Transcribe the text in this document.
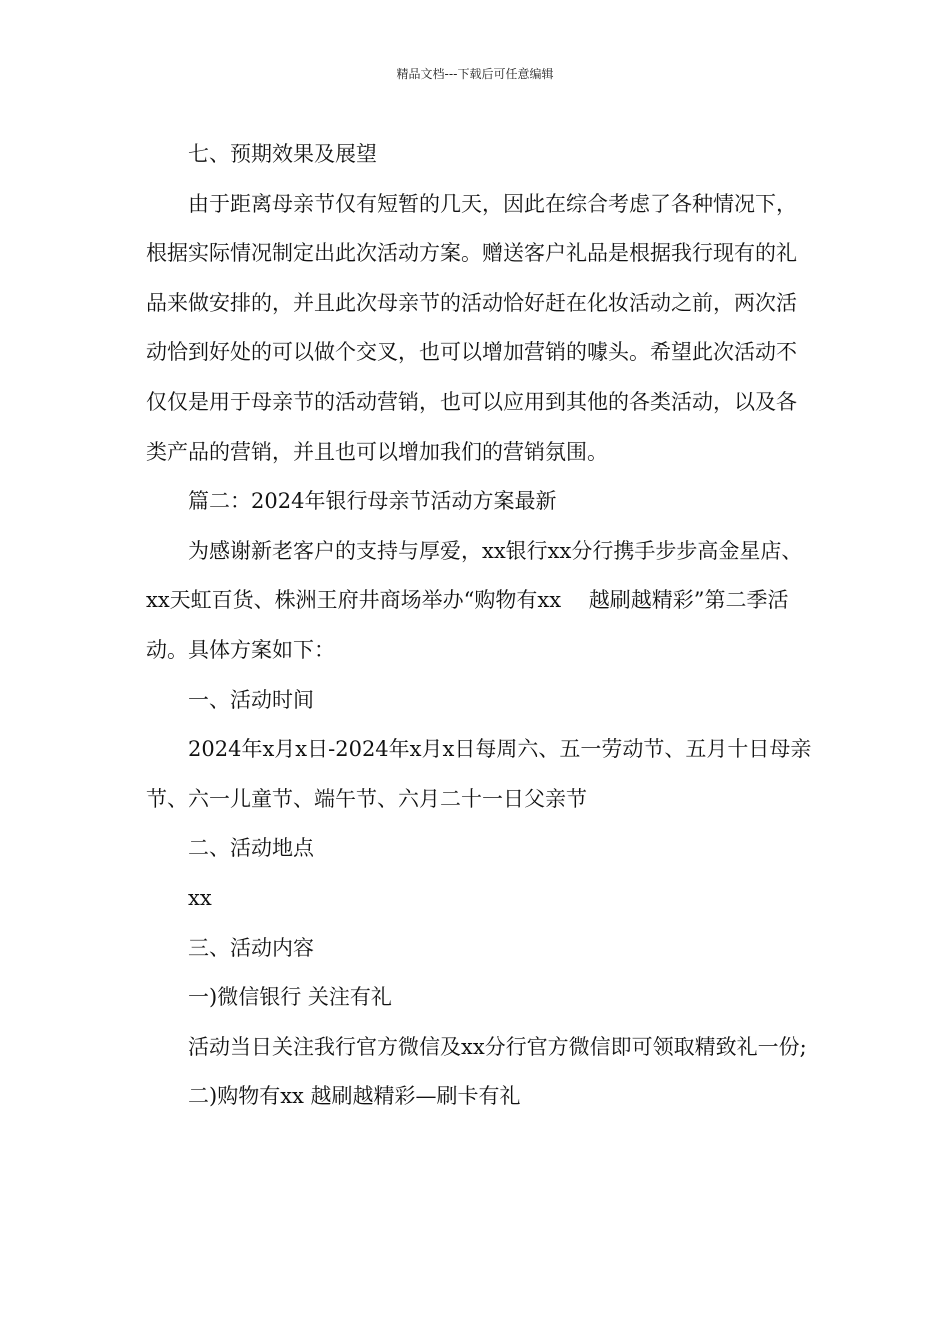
精品文档---下载后可任意编辑

七、预期效果及展望

由于距离母亲节仅有短暂的几天，因此在综合考虑了各种情况下，根据实际情况制定出此次活动方案。赠送客户礼品是根据我行现有的礼品来做安排的，并且此次母亲节的活动恰好赶在化妆活动之前，两次活动恰到好处的可以做个交叉，也可以增加营销的噱头。希望此次活动不仅仅是用于母亲节的活动营销，也可以应用到其他的各类活动，以及各类产品的营销，并且也可以增加我们的营销氛围。

篇二：2024年银行母亲节活动方案最新

为感谢新老客户的支持与厚爱，xx银行xx分行携手步步高金星店、xx天虹百货、株洲王府井商场举办“购物有xx　 越刷越精彩”第二季活动。具体方案如下：

一、活动时间

2024年x月x日-2024年x月x日每周六、五一劳动节、五月十日母亲节、六一儿童节、端午节、六月二十一日父亲节

二、活动地点

xx

三、活动内容

一)微信银行 关注有礼

活动当日关注我行官方微信及xx分行官方微信即可领取精致礼一份;

二)购物有xx 越刷越精彩—刷卡有礼
